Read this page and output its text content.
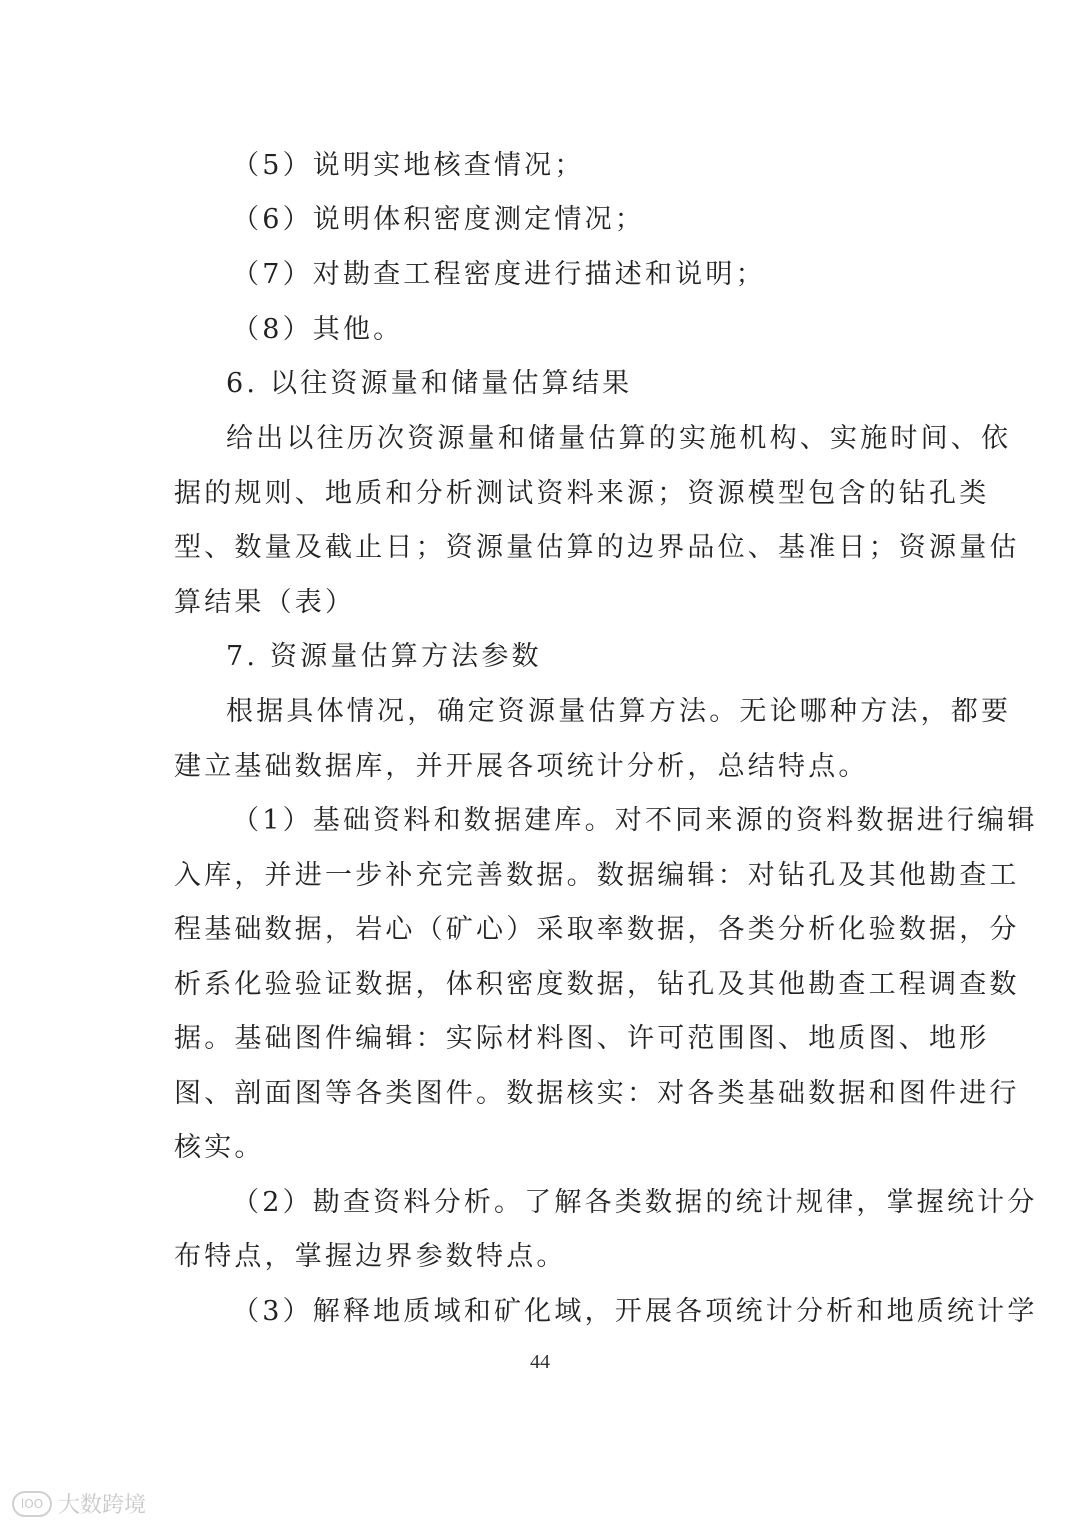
（5）说明实地核查情况；
（6）说明体积密度测定情况；
（7）对勘查工程密度进行描述和说明；
（8）其他。
6. 以往资源量和储量估算结果
给出以往历次资源量和储量估算的实施机构、实施时间、依
据的规则、地质和分析测试资料来源；资源模型包含的钻孔类
型、数量及截止日；资源量估算的边界品位、基准日；资源量估
算结果（表）
7. 资源量估算方法参数
根据具体情况，确定资源量估算方法。无论哪种方法，都要
建立基础数据库，并开展各项统计分析，总结特点。
（1）基础资料和数据建库。对不同来源的资料数据进行编辑
入库，并进一步补充完善数据。数据编辑：对钻孔及其他勘查工
程基础数据，岩心（矿心）采取率数据，各类分析化验数据，分
析系化验验证数据，体积密度数据，钻孔及其他勘查工程调查数
据。基础图件编辑：实际材料图、许可范围图、地质图、地形
图、剖面图等各类图件。数据核实：对各类基础数据和图件进行
核实。
（2）勘查资料分析。了解各类数据的统计规律，掌握统计分
布特点，掌握边界参数特点。
（3）解释地质域和矿化域，开展各项统计分析和地质统计学
44
lOO 大数跨境
